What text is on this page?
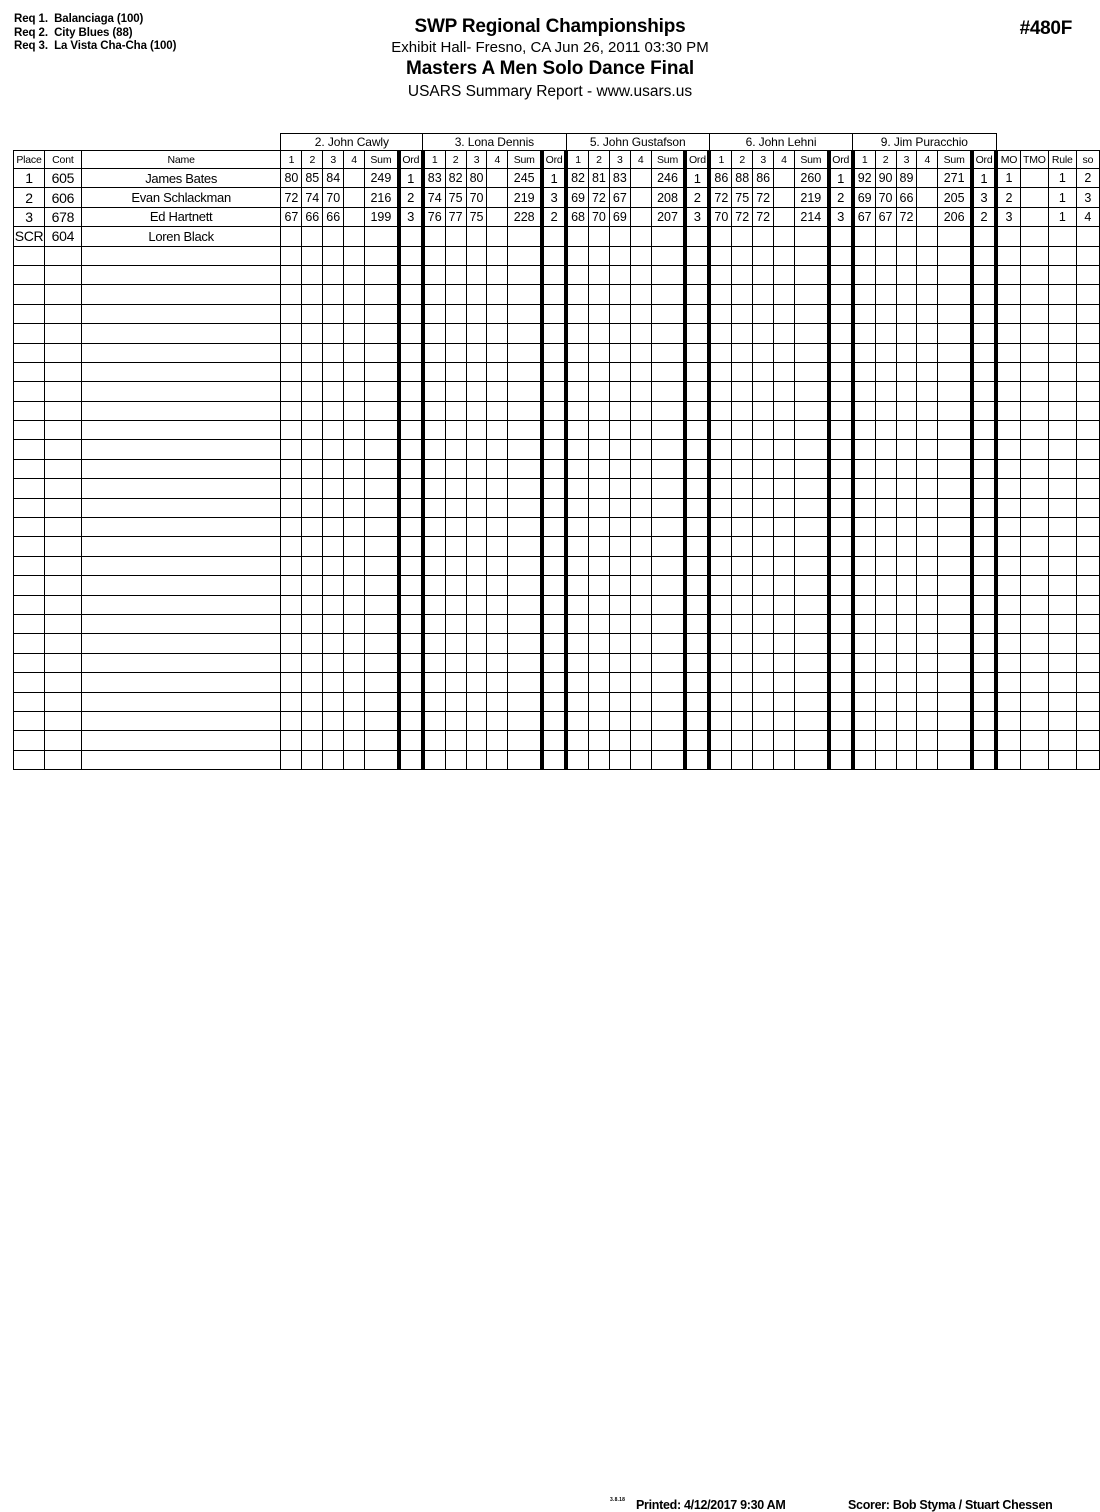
Req 1.  Balanciaga (100)
Req 2.  City Blues (88)
Req 3.  La Vista Cha-Cha (100)
SWP Regional Championships
Exhibit Hall- Fresno, CA Jun 26, 2011 03:30 PM
Masters A Men Solo Dance Final
USARS Summary Report - www.usars.us
#480F
			2. John Cawly						3. Lona Dennis						5. John Gustafson						6. John Lehni						9. Jim Puracchio									
Place	Cont	Name	1	2	3	4	Sum	Ord	1	2	3	4	Sum	Ord	1	2	3	4	Sum	Ord	1	2	3	4	Sum	Ord	1	2	3	4	Sum	Ord	MO	TMO	Rule	so
1	605	James Bates	80	85	84		249	1	83	82	80		245	1	82	81	83		246	1	86	88	86		260	1	92	90	89		271	1	1		1	2
2	606	Evan Schlackman	72	74	70		216	2	74	75	70		219	3	69	72	67		208	2	72	75	72		219	2	69	70	66		205	3	2		1	3
3	678	Ed Hartnett	67	66	66		199	3	76	77	75		228	2	68	70	69		207	3	70	72	72		214	3	67	67	72		206	2	3		1	4
SCR	604	Loren Black																																		

3.8.18 Printed: 4/12/2017 9:30 AM	Scorer: Bob Styma / Stuart Chessen
